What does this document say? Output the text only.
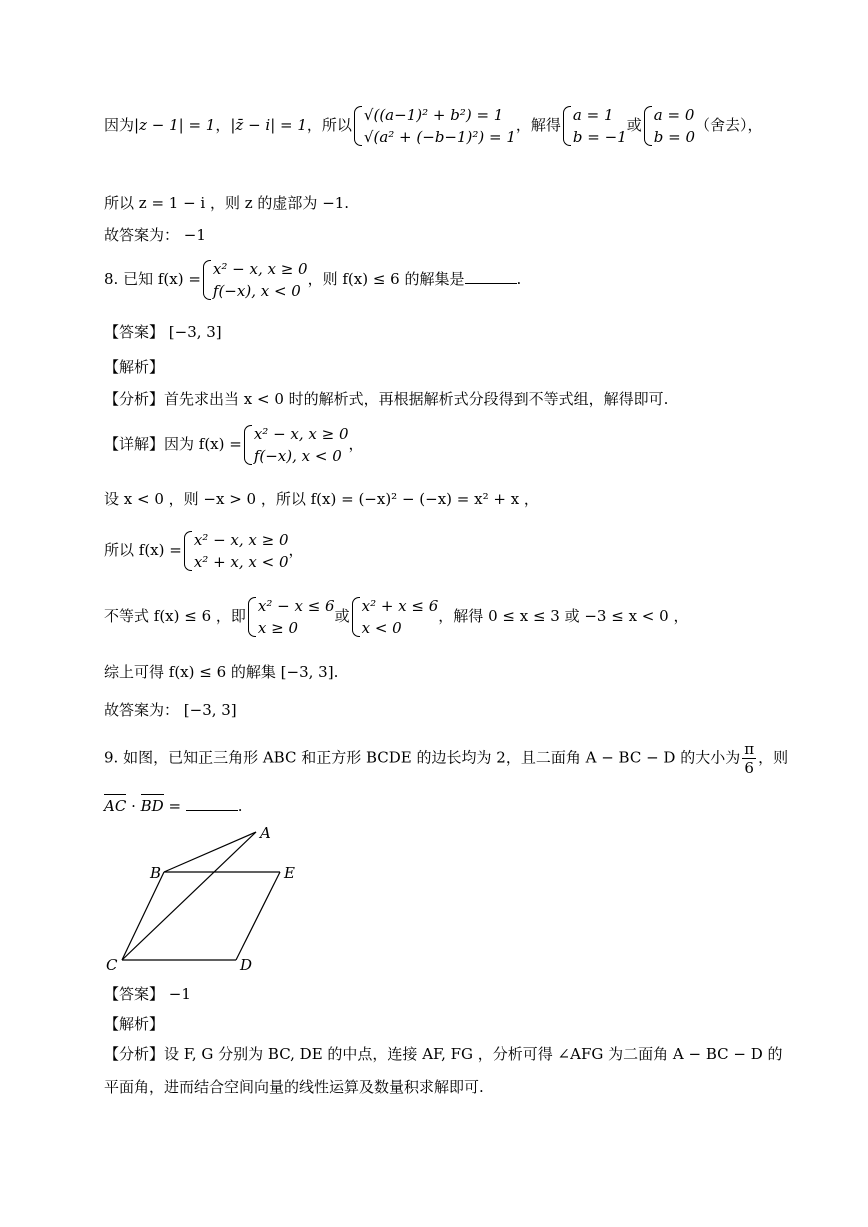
因为|z − 1| = 1，|z̄ − i| = 1，所以
√((a−1)² + b²) = 1
√(a² + (−b−1)²) = 1
，解得
a = 1
b = −1
或
a = 0
b = 0
（舍去），
所以 z = 1 − i ，则 z 的虚部为 −1.
故答案为： −1
8. 已知 f(x) =
x² − x, x ≥ 0
f(−x), x < 0
，则 f(x) ≤ 6 的解集是	.
【答案】 [−3, 3]
【解析】
【分析】首先求出当 x < 0 时的解析式，再根据解析式分段得到不等式组，解得即可.
【详解】因为 f(x) =
x² − x, x ≥ 0
f(−x), x < 0
，
设 x < 0 ，则 −x > 0 ，所以 f(x) = (−x)² − (−x) = x² + x ，
所以 f(x) =
x² − x, x ≥ 0
x² + x, x < 0
，
不等式 f(x) ≤ 6 ，即
x² − x ≤ 6
x ≥ 0
或
x² + x ≤ 6
x < 0
，解得 0 ≤ x ≤ 3 或 −3 ≤ x < 0 ，
综上可得 f(x) ≤ 6 的解集 [−3, 3].
故答案为： [−3, 3]
9. 如图，已知正三角形 ABC 和正方形 BCDE 的边长均为 2，且二面角 A − BC − D 的大小为 $\frac{\pi}{6}$ ，则
AC · BD =	.
A
B
C	D
E
【答案】 −1
【解析】
【分析】设 F, G 分别为 BC, DE 的中点，连接 AF, FG ，分析可得 ∠AFG 为二面角 A − BC − D 的
平面角，进而结合空间向量的线性运算及数量积求解即可.
